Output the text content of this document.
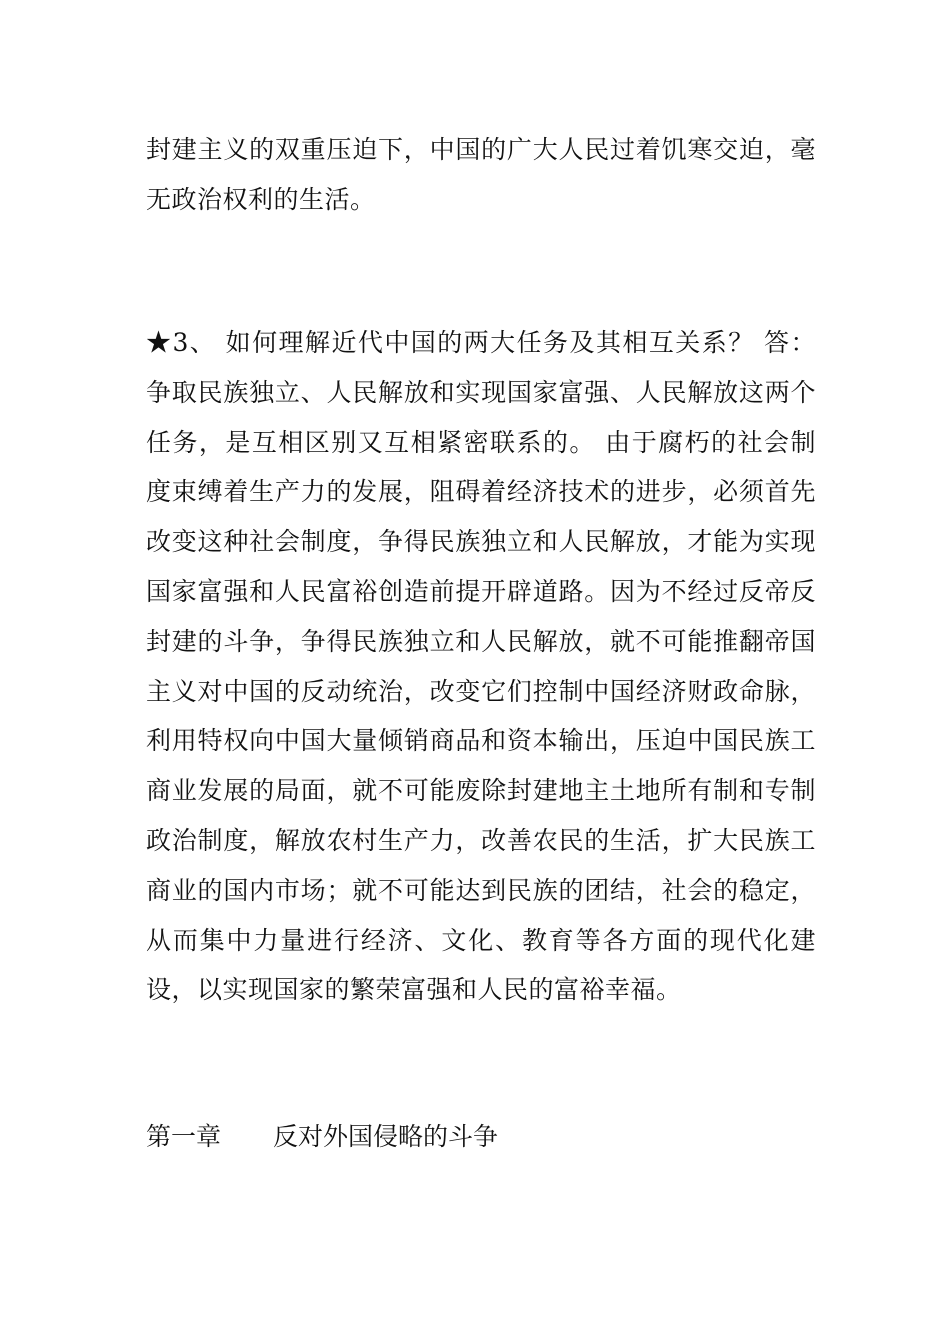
封建主义的双重压迫下，中国的广大人民过着饥寒交迫，毫无政治权利的生活。

★3、 如何理解近代中国的两大任务及其相互关系？ 答：争取民族独立、人民解放和实现国家富强、人民解放这两个任务，是互相区别又互相紧密联系的。 由于腐朽的社会制度束缚着生产力的发展，阻碍着经济技术的进步，必须首先改变这种社会制度，争得民族独立和人民解放，才能为实现国家富强和人民富裕创造前提开辟道路。因为不经过反帝反封建的斗争，争得民族独立和人民解放，就不可能推翻帝国主义对中国的反动统治，改变它们控制中国经济财政命脉，利用特权向中国大量倾销商品和资本输出，压迫中国民族工商业发展的局面，就不可能废除封建地主土地所有制和专制政治制度，解放农村生产力，改善农民的生活，扩大民族工商业的国内市场；就不可能达到民族的团结，社会的稳定，从而集中力量进行经济、文化、教育等各方面的现代化建设，以实现国家的繁荣富强和人民的富裕幸福。

第一章 反对外国侵略的斗争
